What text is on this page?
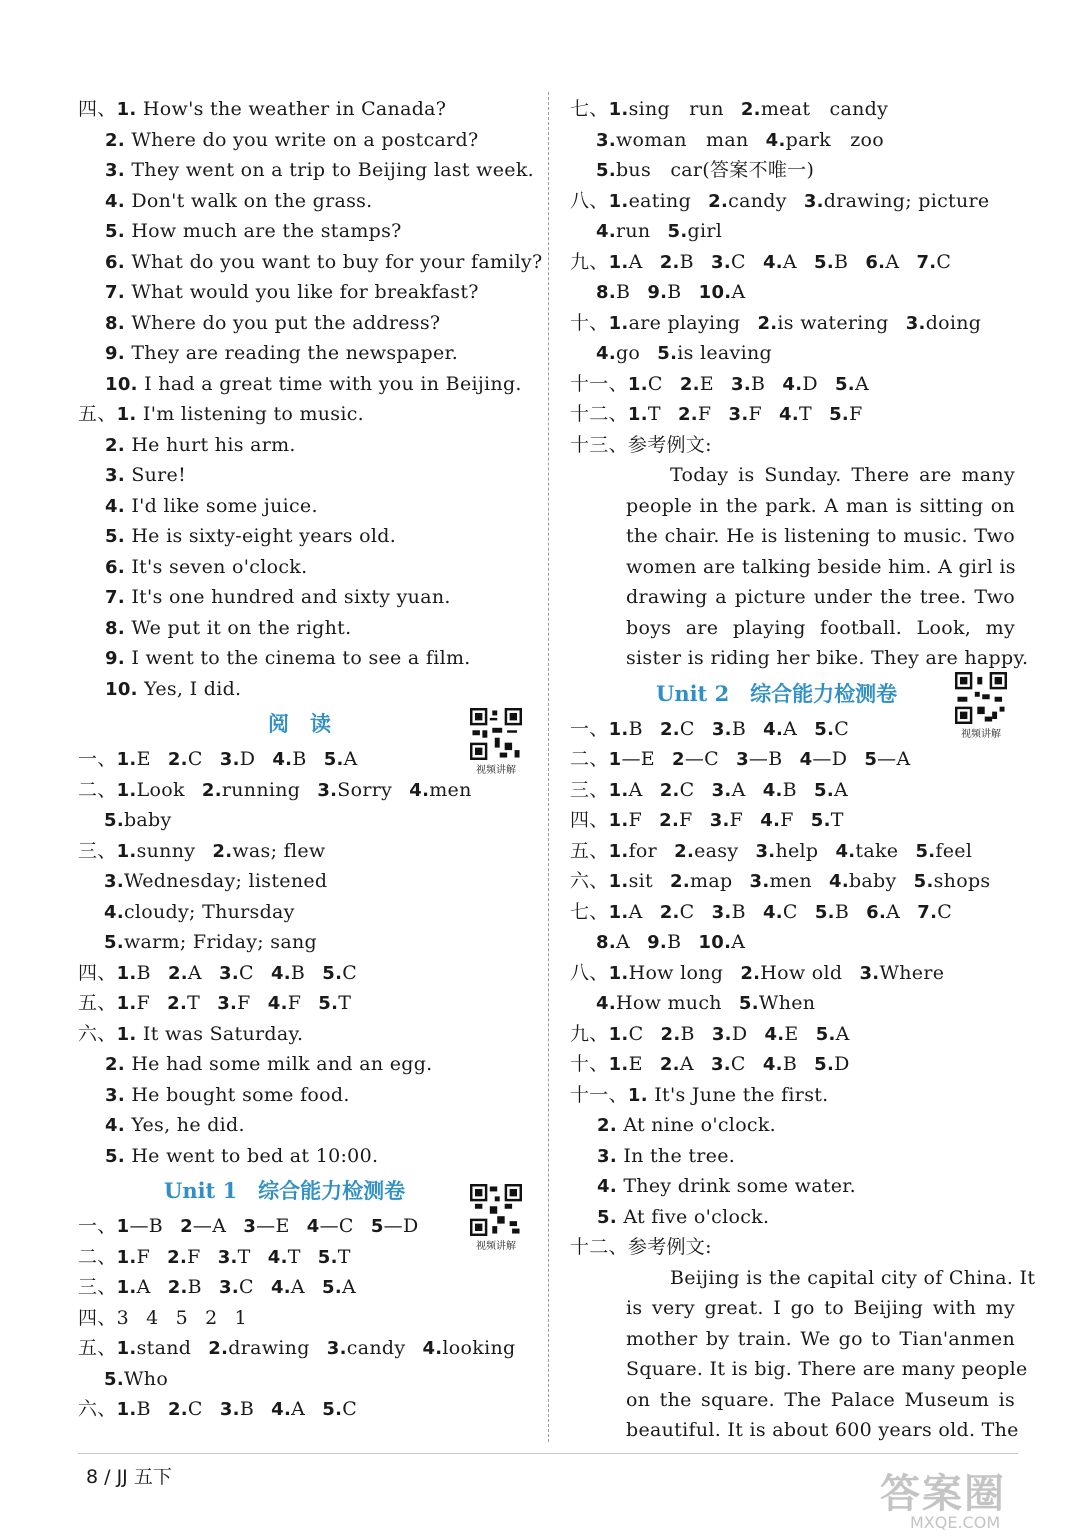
四、1. How's the weather in Canada?
2. Where do you write on a postcard?
3. They went on a trip to Beijing last week.
4. Don't walk on the grass.
5. How much are the stamps?
6. What do you want to buy for your family?
7. What would you like for breakfast?
8. Where do you put the address?
9. They are reading the newspaper.
10. I had a great time with you in Beijing.
五、1. I'm listening to music.
2. He hurt his arm.
3. Sure!
4. I'd like some juice.
5. He is sixty-eight years old.
6. It's seven o'clock.
7. It's one hundred and sixty yuan.
8. We put it on the right.
9. I went to the cinema to see a film.
10. Yes, I did.
阅　读
一、1.E 2.C 3.D 4.B 5.A
二、1.Look 2.running 3.Sorry 4.men
5.baby
三、1.sunny 2.was; flew
3.Wednesday; listened
4.cloudy; Thursday
5.warm; Friday; sang
四、1.B 2.A 3.C 4.B 5.C
五、1.F 2.T 3.F 4.F 5.T
六、1. It was Saturday.
2. He had some milk and an egg.
3. He bought some food.
4. Yes, he did.
5. He went to bed at 10:00.
Unit 1　综合能力检测卷
一、1—B 2—A 3—E 4—C 5—D
二、1.F 2.F 3.T 4.T 5.T
三、1.A 2.B 3.C 4.A 5.A
四、3 4 5 2 1
五、1.stand 2.drawing 3.candy 4.looking
5.Who
六、1.B 2.C 3.B 4.A 5.C
七、1.sing　run 2.meat　candy
3.woman　man 4.park　zoo
5.bus　car(答案不唯一)
八、1.eating 2.candy 3.drawing; picture
4.run 5.girl
九、1.A 2.B 3.C 4.A 5.B 6.A 7.C
8.B 9.B 10.A
十、1.are playing 2.is watering 3.doing
4.go 5.is leaving
十一、1.C 2.E 3.B 4.D 5.A
十二、1.T 2.F 3.F 4.T 5.F
十三、参考例文:
Today is Sunday. There are many
people in the park. A man is sitting on
the chair. He is listening to music. Two
women are talking beside him. A girl is
drawing a picture under the tree. Two
boys are playing football. Look, my
sister is riding her bike. They are happy.
Unit 2　综合能力检测卷
一、1.B 2.C 3.B 4.A 5.C
二、1—E 2—C 3—B 4—D 5—A
三、1.A 2.C 3.A 4.B 5.A
四、1.F 2.F 3.F 4.F 5.T
五、1.for 2.easy 3.help 4.take 5.feel
六、1.sit 2.map 3.men 4.baby 5.shops
七、1.A 2.C 3.B 4.C 5.B 6.A 7.C
8.A 9.B 10.A
八、1.How long 2.How old 3.Where
4.How much 5.When
九、1.C 2.B 3.D 4.E 5.A
十、1.E 2.A 3.C 4.B 5.D
十一、1. It's June the first.
2. At nine o'clock.
3. In the tree.
4. They drink some water.
5. At five o'clock.
十二、参考例文:
Beijing is the capital city of China. It
is very great. I go to Beijing with my
mother by train. We go to Tian'anmen
Square. It is big. There are many people
on the square. The Palace Museum is
beautiful. It is about 600 years old. The
视频讲解
视频讲解
视频讲解
8 / JJ 五下	答案圈
MXQE.COM
